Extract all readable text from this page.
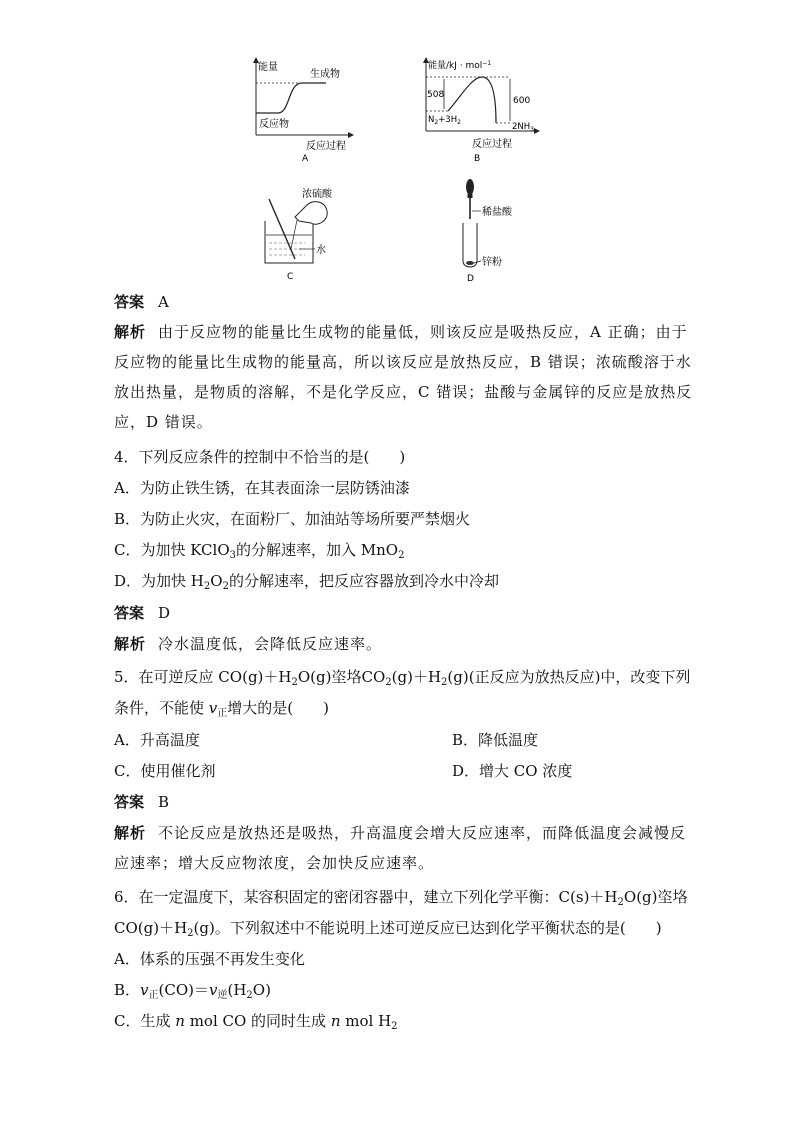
能量
生成物
反应物
反应过程
A
能量/kJ · mol$^{-1}$
508
600
$N_2+3H_2$	$2NH_3$
反应过程
B
浓硫酸
水
C
稀盐酸
锌粉
D
答案 A
解析 由于反应物的能量比生成物的能量低，则该反应是吸热反应，A 正确；由于
反应物的能量比生成物的能量高，所以该反应是放热反应，B 错误；浓硫酸溶于水
放出热量，是物质的溶解，不是化学反应，C 错误；盐酸与金属锌的反应是放热反
应，D 错误。
4．下列反应条件的控制中不恰当的是(　　)
A．为防止铁生锈，在其表面涂一层防锈油漆
B．为防止火灾，在面粉厂、加油站等场所要严禁烟火
C．为加快 KClO$_3$的分解速率，加入 MnO$_2$
D．为加快 $H_2O_2$的分解速率，把反应容器放到冷水中冷却
答案 D
解析 冷水温度低，会降低反应速率。
5．在可逆反应 $CO(g)+H_2O(g)$垐垎$CO_2(g)+H_2(g)$(正反应为放热反应)中，改变下列
条件，不能使 $v_正$增大的是(　　)
A．升高温度	B．降低温度
C．使用催化剂	D．增大 CO 浓度
答案 B
解析 不论反应是放热还是吸热，升高温度会增大反应速率，而降低温度会减慢反
应速率；增大反应物浓度，会加快反应速率。
6．在一定温度下，某容积固定的密闭容器中，建立下列化学平衡：$C(s)+H_2O(g)$垐垎
$CO(g)+H_2(g)$。下列叙述中不能说明上述可逆反应已达到化学平衡状态的是(　　)
A．体系的压强不再发生变化
B．$v_正(CO)=v_逆(H_2O)$
C．生成 n mol CO 的同时生成 n mol $H_2$
